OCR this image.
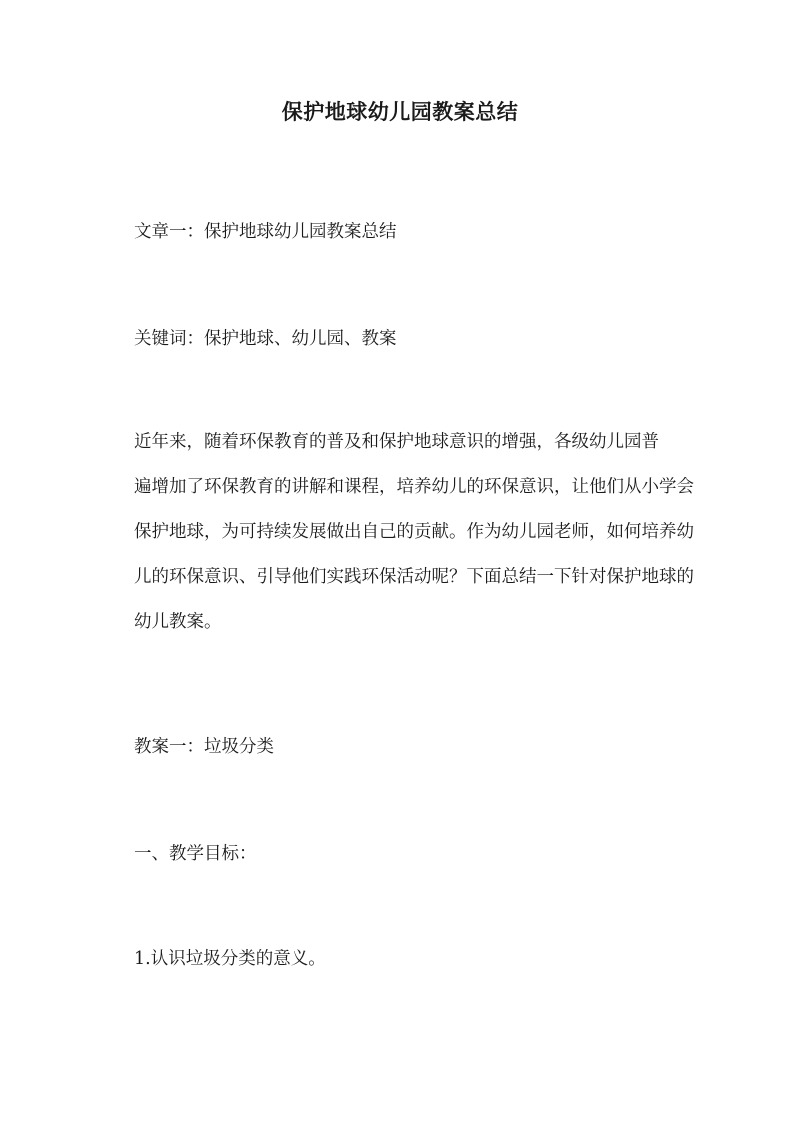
保护地球幼儿园教案总结
文章一：保护地球幼儿园教案总结
关键词：保护地球、幼儿园、教案
近年来，随着环保教育的普及和保护地球意识的增强，各级幼儿园普
遍增加了环保教育的讲解和课程，培养幼儿的环保意识，让他们从小学会
保护地球，为可持续发展做出自己的贡献。作为幼儿园老师，如何培养幼
儿的环保意识、引导他们实践环保活动呢？下面总结一下针对保护地球的
幼儿教案。
教案一：垃圾分类
一、教学目标：
1.认识垃圾分类的意义。
